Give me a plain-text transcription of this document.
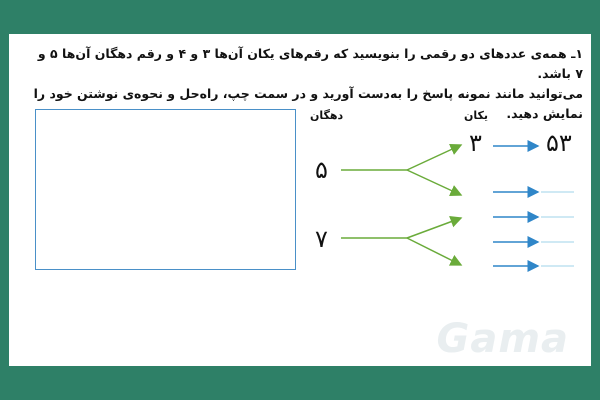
۱ـ همه‌ی عددهای دو رقمی را بنویسید که رقم‌های یکان آن‌ها ۳ و ۴ و رقم دهگان آن‌ها ۵ و ۷ باشد.

می‌توانید مانند نمونه پاسخ را به‌دست آورید و در سمت چپ، راه‌حل و نحوه‌ی نوشتن خود را نمایش دهید.

دهگان	یکان
۵
۷
۳	۵۳
Gama
